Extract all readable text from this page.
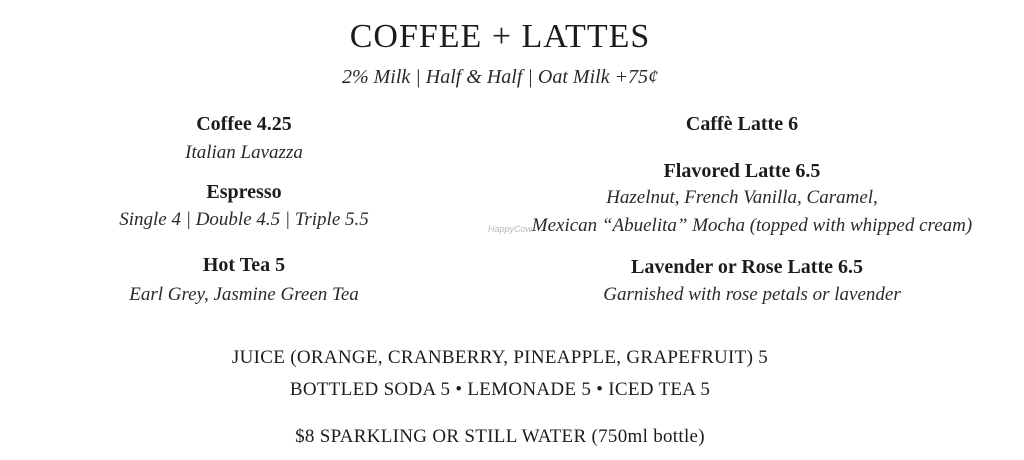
COFFEE + LATTES
2% Milk | Half & Half | Oat Milk +75¢
Coffee 4.25
Italian Lavazza
Espresso
Single 4 | Double 4.5 | Triple 5.5
Hot Tea 5
Earl Grey, Jasmine Green Tea
Caffè Latte 6
Flavored Latte 6.5
Hazelnut, French Vanilla, Caramel,
Mexican “Abuelita” Mocha (topped with whipped cream)
Lavender or Rose Latte 6.5
Garnished with rose petals or lavender
HappyCow
JUICE (ORANGE, CRANBERRY, PINEAPPLE, GRAPEFRUIT) 5
BOTTLED SODA 5 • LEMONADE 5 • ICED TEA 5
$8 SPARKLING OR STILL WATER (750ml bottle)
